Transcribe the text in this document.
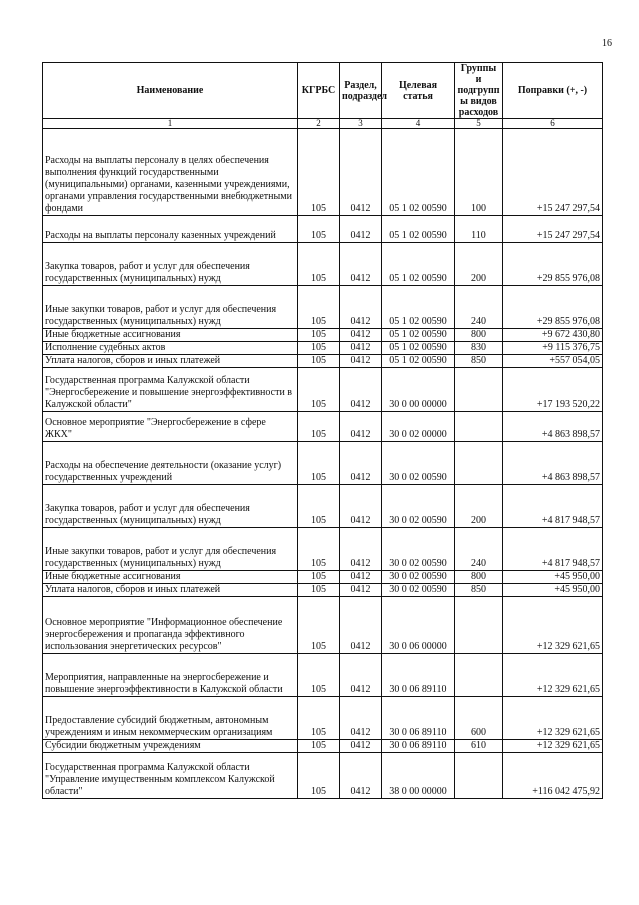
16
Наименование	КГРБС	Раздел, подраздел	Целевая статья	Группы и подгрупп ы видов расходов	Поправки (+, -)
1	2	3	4	5	6
Расходы на выплаты персоналу в целях обеспечения выполнения функций государственными (муниципальными) органами, казенными учреждениями, органами управления государственными внебюджетными фондами	105	0412	05 1 02 00590	100	+15 247 297,54
Расходы на выплаты персоналу казенных учреждений	105	0412	05 1 02 00590	110	+15 247 297,54
Закупка товаров, работ и услуг для обеспечения государственных (муниципальных) нужд	105	0412	05 1 02 00590	200	+29 855 976,08
Иные закупки товаров, работ и услуг для обеспечения государственных (муниципальных) нужд	105	0412	05 1 02 00590	240	+29 855 976,08
Иные бюджетные ассигнования	105	0412	05 1 02 00590	800	+9 672 430,80
Исполнение судебных актов	105	0412	05 1 02 00590	830	+9 115 376,75
Уплата налогов, сборов и иных платежей	105	0412	05 1 02 00590	850	+557 054,05
Государственная программа Калужской области "Энергосбережение и повышение энергоэффективности в Калужской области"	105	0412	30 0 00 00000		+17 193 520,22
Основное мероприятие "Энергосбережение в сфере ЖКХ"	105	0412	30 0 02 00000		+4 863 898,57
Расходы на обеспечение деятельности (оказание услуг) государственных учреждений	105	0412	30 0 02 00590		+4 863 898,57
Закупка товаров, работ и услуг для обеспечения государственных (муниципальных) нужд	105	0412	30 0 02 00590	200	+4 817 948,57
Иные закупки товаров, работ и услуг для обеспечения государственных (муниципальных) нужд	105	0412	30 0 02 00590	240	+4 817 948,57
Иные бюджетные ассигнования	105	0412	30 0 02 00590	800	+45 950,00
Уплата налогов, сборов и иных платежей	105	0412	30 0 02 00590	850	+45 950,00
Основное мероприятие "Информационное обеспечение энергосбережения и пропаганда эффективного использования энергетических ресурсов"	105	0412	30 0 06 00000		+12 329 621,65
Мероприятия, направленные на энергосбережение и повышение энергоэффективности в Калужской области	105	0412	30 0 06 89110		+12 329 621,65
Предоставление субсидий бюджетным, автономным учреждениям и иным некоммерческим организациям	105	0412	30 0 06 89110	600	+12 329 621,65
Субсидии бюджетным учреждениям	105	0412	30 0 06 89110	610	+12 329 621,65
Государственная программа Калужской области "Управление имущественным комплексом Калужской области"	105	0412	38 0 00 00000		+116 042 475,92
